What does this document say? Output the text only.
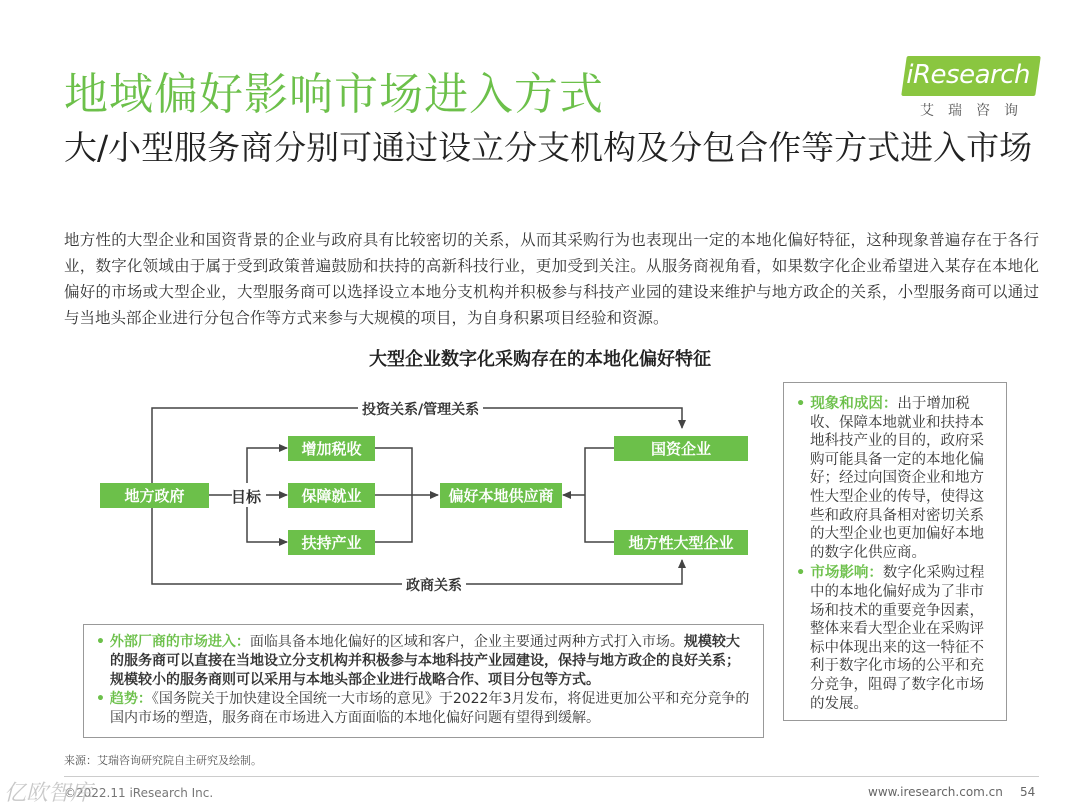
地域偏好影响市场进入方式	iResearch
艾瑞咨询
大/小型服务商分别可通过设立分支机构及分包合作等方式进入市场
地方性的大型企业和国资背景的企业与政府具有比较密切的关系，从而其采购行为也表现出一定的本地化偏好特征，这种现象普遍存在于各行业，数字化领域由于属于受到政策普遍鼓励和扶持的高新科技行业，更加受到关注。从服务商视角看，如果数字化企业希望进入某存在本地化偏好的市场或大型企业，大型服务商可以选择设立本地分支机构并积极参与科技产业园的建设来维护与地方政企的关系，小型服务商可以通过与当地头部企业进行分包合作等方式来参与大规模的项目，为自身积累项目经验和资源。
大型企业数字化采购存在的本地化偏好特征
投资关系/管理关系
政商关系
地方政府	目标
增加税收
保障就业
扶持产业
偏好本地供应商
国资企业
地方性大型企业
• 现象和成因：出于增加税收、保障本地就业和扶持本地科技产业的目的，政府采购可能具备一定的本地化偏好；经过向国资企业和地方性大型企业的传导，使得这些和政府具备相对密切关系的大型企业也更加偏好本地的数字化供应商。
• 市场影响：数字化采购过程中的本地化偏好成为了非市场和技术的重要竞争因素，整体来看大型企业在采购评标中体现出来的这一特征不利于数字化市场的公平和充分竞争，阻碍了数字化市场的发展。
• 外部厂商的市场进入：面临具备本地化偏好的区域和客户，企业主要通过两种方式打入市场。规模较大的服务商可以直接在当地设立分支机构并积极参与本地科技产业园建设，保持与地方政企的良好关系；规模较小的服务商则可以采用与本地头部企业进行战略合作、项目分包等方式。
• 趋势：《国务院关于加快建设全国统一大市场的意见》于2022年3月发布，将促进更加公平和充分竞争的国内市场的塑造，服务商在市场进入方面面临的本地化偏好问题有望得到缓解。
来源：艾瑞咨询研究院自主研究及绘制。
©2022.11 iResearch Inc.
亿欧智库	www.iresearch.com.cn 54
